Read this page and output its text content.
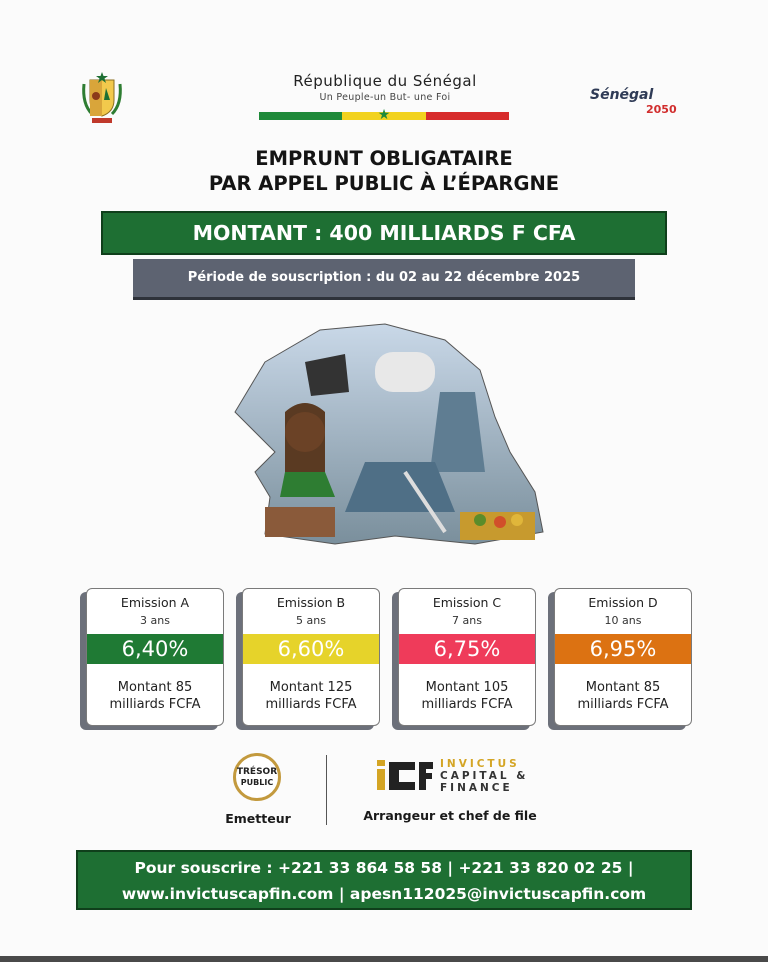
République du Sénégal
Un Peuple-un But- une Foi
★
Sénégal
2050
EMPRUNT OBLIGATAIRE
PAR APPEL PUBLIC À L’ÉPARGNE
MONTANT : 400 MILLIARDS F CFA
Période de souscription : du 02 au 22 décembre 2025
Emission A
3 ans
6,40%
Montant 85
milliards FCFA
Emission B
5 ans
6,60%
Montant 125
milliards FCFA
Emission C
7 ans
6,75%
Montant 105
milliards FCFA
Emission D
10 ans
6,95%
Montant 85
milliards FCFA
TRÉSOR
PUBLIC
Emetteur
INVICTUS
CAPITAL &
FINANCE
Arrangeur et chef de file
Pour souscrire : +221 33 864 58 58 | +221 33 820 02 25 |
www.invictuscapfin.com | apesn112025@invictuscapfin.com
